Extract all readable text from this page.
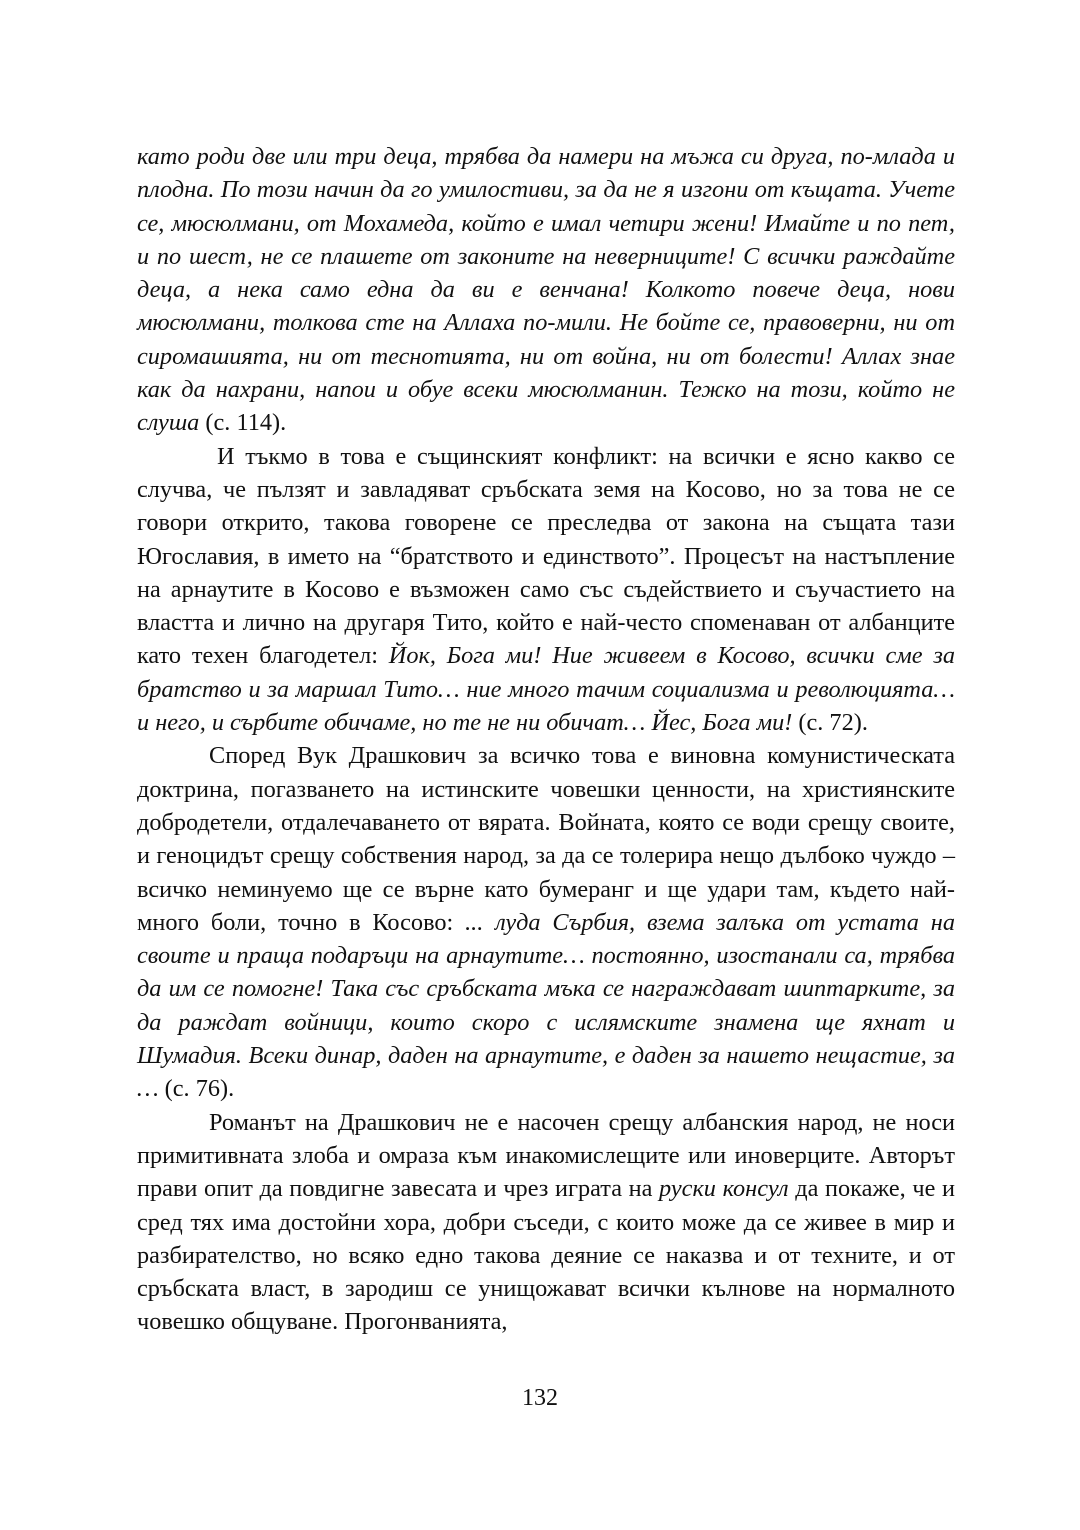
като роди две или три деца, трябва да намери на мъжа си друга, по-млада и плодна. По този начин да го умилостиви, за да не я изгони от къщата. Учете се, мюсюлмани, от Мохамеда, който е имал четири жени! Имайте и по пет, и по шест, не се плашете от законите на неверниците! С всички раждайте деца, а нека само една да ви е венчана! Колкото повече деца, нови мюсюлмани, толкова сте на Аллаха по-мили. Не бойте се, правоверни, ни от сиромашията, ни от теснотията, ни от война, ни от болести! Аллах знае как да нахрани, напои и обуе всеки мюсюлманин. Тежко на този, който не слуша (с. 114).

И тъкмо в това е същинският конфликт: на всички е ясно какво се случва, че пълзят и завладяват сръбската земя на Косово, но за това не се говори открито, такова говорене се преследва от закона на същата тази Югославия, в името на “братството и единството”. Процесът на настъпление на арнаутите в Косово е възможен само със съдействието и съучастието на властта и лично на другаря Тито, който е най-често споменаван от албанците като техен благодетел: Йок, Бога ми! Ние живеем в Косово, всички сме за братство и за маршал Тито… ние много тачим социализма и революцията… и него, и сърбите обичаме, но те не ни обичат… Йес, Бога ми! (с. 72).

Според Вук Драшкович за всичко това е виновна комунистическата доктрина, погазването на истинските човешки ценности, на християнските добродетели, отдалечаването от вярата. Войната, която се води срещу своите, и геноцидът срещу собствения народ, за да се толерира нещо дълбоко чуждо – всичко неминуемо ще се върне като бумеранг и ще удари там, където най-много боли, точно в Косово: ... луда Сърбия, взема залъка от устата на своите и праща подаръци на арнаутите… постоянно, изостанали са, трябва да им се помогне! Така със сръбската мъка се награждават шиптарките, за да раждат войници, които скоро с ислямските знамена ще яхнат и Шумадия. Всеки динар, даден на арнаутите, е даден за нашето нещастие, за … (с. 76).

Романът на Драшкович не е насочен срещу албанския народ, не носи примитивната злоба и омраза към инакомислещите или иноверците. Авторът прави опит да повдигне завесата и чрез играта на руски консул да покаже, че и сред тях има достойни хора, добри съседи, с които може да се живее в мир и разбирателство, но всяко едно такова деяние се наказва и от техните, и от сръбската власт, в зародиш се унищожават всички кълнове на нормалното човешко общуване. Прогонванията,

132
